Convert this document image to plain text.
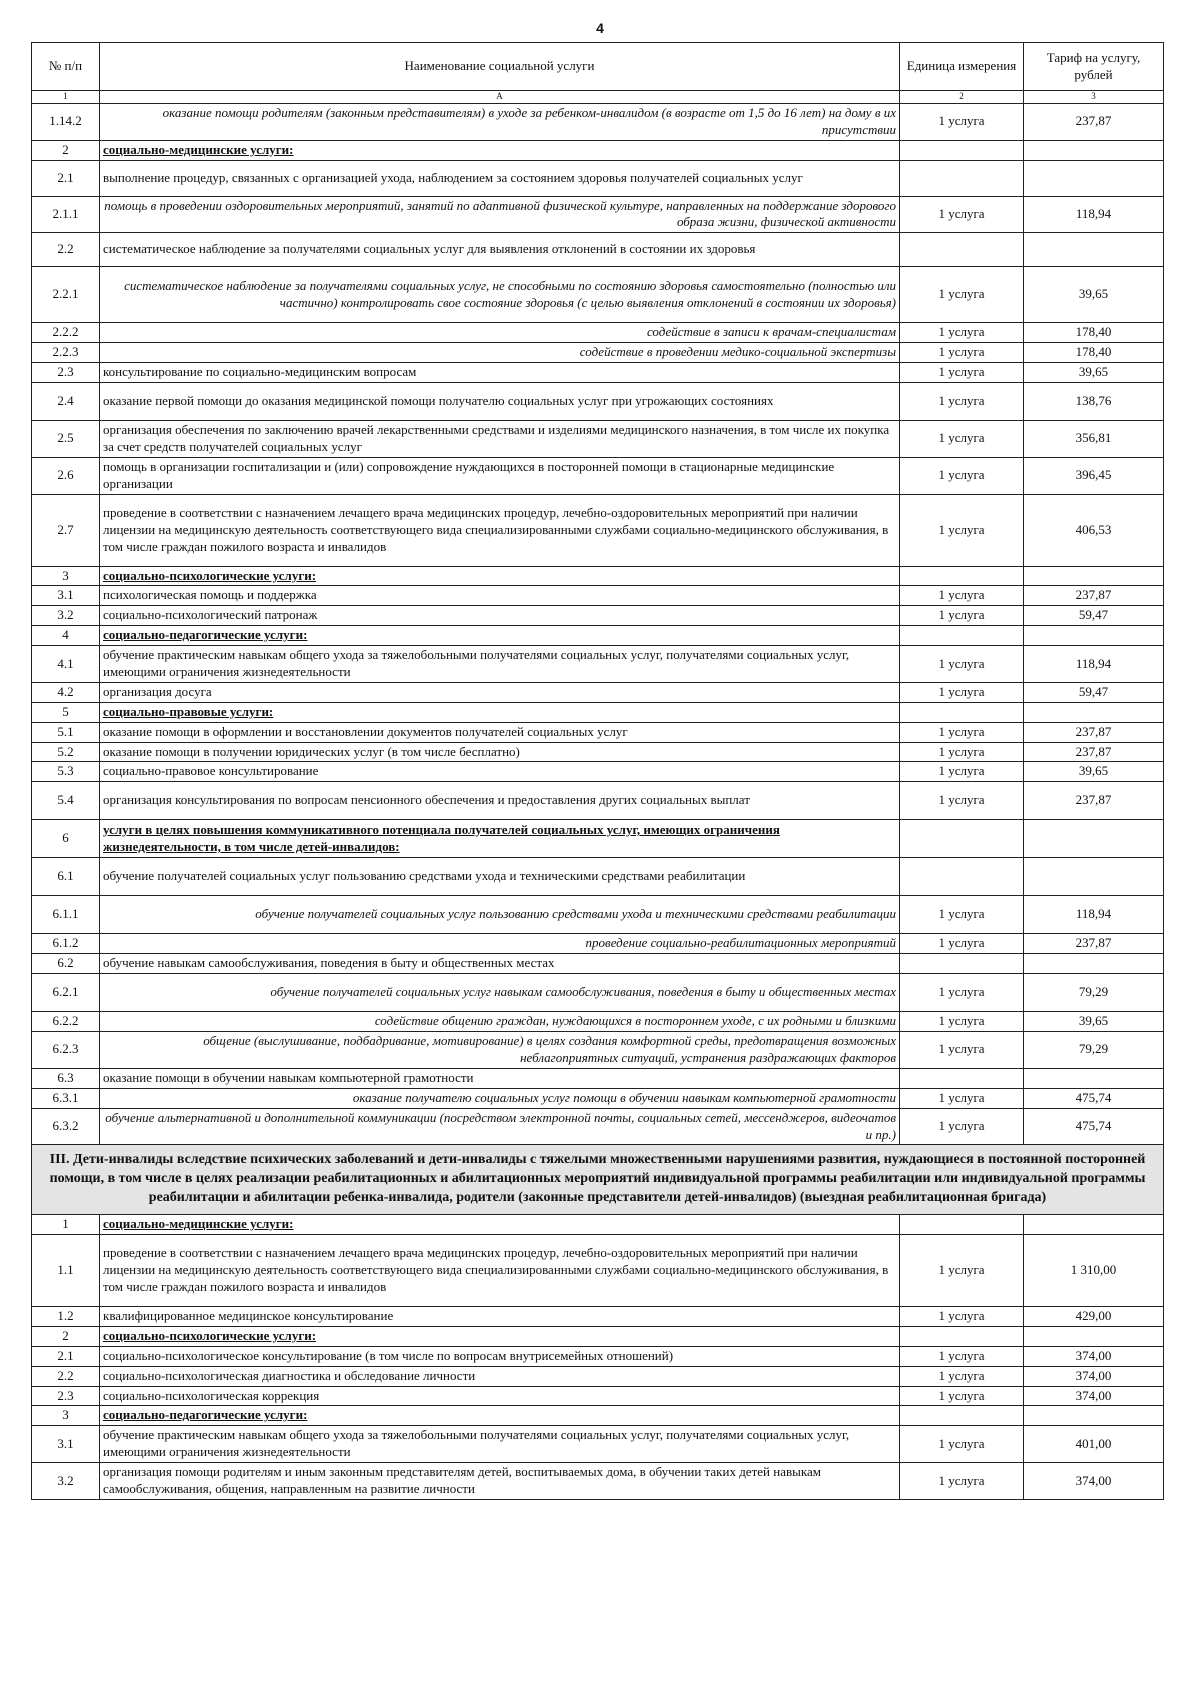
4
№ п/п	Наименование социальной услуги	Единица измерения	Тариф на услугу, рублей
1	А	2	3
1.14.2	оказание помощи родителям (законным представителям) в уходе за ребенком-инвалидом (в возрасте от 1,5 до 16 лет) на дому в их присутствии	1 услуга	237,87
2	социально-медицинские услуги:		
2.1	выполнение процедур, связанных с организацией ухода, наблюдением за состоянием здоровья получателей социальных услуг		
2.1.1	помощь в проведении оздоровительных мероприятий, занятий по адаптивной физической культуре, направленных на поддержание здорового образа жизни, физической активности	1 услуга	118,94
2.2	систематическое наблюдение за получателями социальных услуг для выявления отклонений в состоянии их здоровья		
2.2.1	систематическое наблюдение за получателями социальных услуг, не способными по состоянию здоровья самостоятельно (полностью или частично) контролировать свое состояние здоровья (с целью выявления отклонений в состоянии их здоровья)	1 услуга	39,65
2.2.2	содействие в записи к врачам-специалистам	1 услуга	178,40
2.2.3	содействие в проведении медико-социальной экспертизы	1 услуга	178,40
2.3	консультирование по социально-медицинским вопросам	1 услуга	39,65
2.4	оказание первой помощи до оказания медицинской помощи получателю социальных услуг при угрожающих состояниях	1 услуга	138,76
2.5	организация обеспечения по заключению врачей лекарственными средствами и изделиями медицинского назначения, в том числе их покупка за счет средств получателей социальных услуг	1 услуга	356,81
2.6	помощь в организации госпитализации и (или) сопровождение нуждающихся в посторонней помощи в стационарные медицинские организации	1 услуга	396,45
2.7	проведение в соответствии с назначением лечащего врача медицинских процедур, лечебно-оздоровительных мероприятий при наличии лицензии на медицинскую деятельность соответствующего вида специализированными службами социально-медицинского обслуживания, в том числе граждан пожилого возраста и инвалидов	1 услуга	406,53
3	социально-психологические услуги:		
3.1	психологическая помощь и поддержка	1 услуга	237,87
3.2	социально-психологический патронаж	1 услуга	59,47
4	социально-педагогические услуги:		
4.1	обучение практическим навыкам общего ухода за тяжелобольными получателями социальных услуг, получателями социальных услуг, имеющими ограничения жизнедеятельности	1 услуга	118,94
4.2	организация досуга	1 услуга	59,47
5	социально-правовые услуги:		
5.1	оказание помощи в оформлении и восстановлении документов получателей социальных услуг	1 услуга	237,87
5.2	оказание помощи в получении юридических услуг (в том числе бесплатно)	1 услуга	237,87
5.3	социально-правовое консультирование	1 услуга	39,65
5.4	организация консультирования по вопросам пенсионного обеспечения и предоставления других социальных выплат	1 услуга	237,87
6	услуги в целях повышения коммуникативного потенциала получателей социальных услуг, имеющих ограничения жизнедеятельности, в том числе детей-инвалидов:		
6.1	обучение получателей социальных услуг пользованию средствами ухода и техническими средствами реабилитации		
6.1.1	обучение получателей социальных услуг пользованию средствами ухода и техническими средствами реабилитации	1 услуга	118,94
6.1.2	проведение социально-реабилитационных мероприятий	1 услуга	237,87
6.2	обучение навыкам самообслуживания, поведения в быту и общественных местах		
6.2.1	обучение получателей социальных услуг навыкам самообслуживания, поведения в быту и общественных местах	1 услуга	79,29
6.2.2	содействие общению граждан, нуждающихся в постороннем уходе, с их родными и близкими	1 услуга	39,65
6.2.3	общение (выслушивание, подбадривание, мотивирование) в целях создания комфортной среды, предотвращения возможных неблагоприятных ситуаций, устранения раздражающих факторов	1 услуга	79,29
6.3	оказание помощи в обучении навыкам компьютерной грамотности		
6.3.1	оказание получателю социальных услуг помощи в обучении навыкам компьютерной грамотности	1 услуга	475,74
6.3.2	обучение альтернативной и дополнительной коммуникации (посредством электронной почты, социальных сетей, мессенджеров, видеочатов и пр.)	1 услуга	475,74
III. Дети-инвалиды вследствие психических заболеваний и дети-инвалиды с тяжелыми множественными нарушениями развития, нуждающиеся в постоянной посторонней помощи, в том числе в целях реализации реабилитационных и абилитационных мероприятий индивидуальной программы реабилитации или индивидуальной программы реабилитации и абилитации ребенка-инвалида, родители (законные представители детей-инвалидов) (выездная реабилитационная бригада)			
1	социально-медицинские услуги:		
1.1	проведение в соответствии с назначением лечащего врача медицинских процедур, лечебно-оздоровительных мероприятий при наличии лицензии на медицинскую деятельность соответствующего вида специализированными службами социально-медицинского обслуживания, в том числе граждан пожилого возраста и инвалидов	1 услуга	1 310,00
1.2	квалифицированное медицинское консультирование	1 услуга	429,00
2	социально-психологические услуги:		
2.1	социально-психологическое консультирование (в том числе по вопросам внутрисемейных отношений)	1 услуга	374,00
2.2	социально-психологическая диагностика и обследование личности	1 услуга	374,00
2.3	социально-психологическая коррекция	1 услуга	374,00
3	социально-педагогические услуги:		
3.1	обучение практическим навыкам общего ухода за тяжелобольными получателями социальных услуг, получателями социальных услуг, имеющими ограничения жизнедеятельности	1 услуга	401,00
3.2	организация помощи родителям и иным законным представителям детей, воспитываемых дома, в обучении таких детей навыкам самообслуживания, общения, направленным на развитие личности	1 услуга	374,00
